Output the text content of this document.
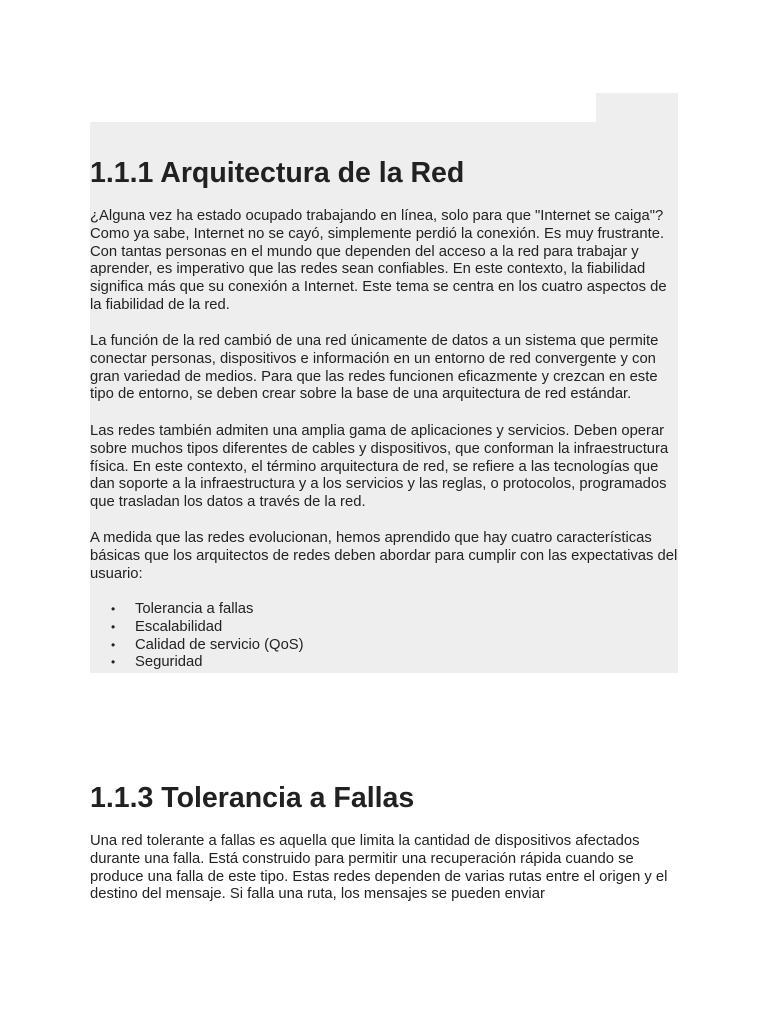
1.1.1 Arquitectura de la Red

¿Alguna vez ha estado ocupado trabajando en línea, solo para que "Internet se caiga"? Como ya sabe, Internet no se cayó, simplemente perdió la conexión. Es muy frustrante. Con tantas personas en el mundo que dependen del acceso a la red para trabajar y aprender, es imperativo que las redes sean confiables. En este contexto, la fiabilidad significa más que su conexión a Internet. Este tema se centra en los cuatro aspectos de la fiabilidad de la red.

La función de la red cambió de una red únicamente de datos a un sistema que permite conectar personas, dispositivos e información en un entorno de red convergente y con gran variedad de medios. Para que las redes funcionen eficazmente y crezcan en este tipo de entorno, se deben crear sobre la base de una arquitectura de red estándar.

Las redes también admiten una amplia gama de aplicaciones y servicios. Deben operar sobre muchos tipos diferentes de cables y dispositivos, que conforman la infraestructura física. En este contexto, el término arquitectura de red, se refiere a las tecnologías que dan soporte a la infraestructura y a los servicios y las reglas, o protocolos, programados que trasladan los datos a través de la red.

A medida que las redes evolucionan, hemos aprendido que hay cuatro características básicas que los arquitectos de redes deben abordar para cumplir con las expectativas del usuario:

• Tolerancia a fallas
• Escalabilidad
• Calidad de servicio (QoS)
• Seguridad
1.1.3 Tolerancia a Fallas

Una red tolerante a fallas es aquella que limita la cantidad de dispositivos afectados durante una falla. Está construido para permitir una recuperación rápida cuando se produce una falla de este tipo. Estas redes dependen de varias rutas entre el origen y el destino del mensaje. Si falla una ruta, los mensajes se pueden enviar
